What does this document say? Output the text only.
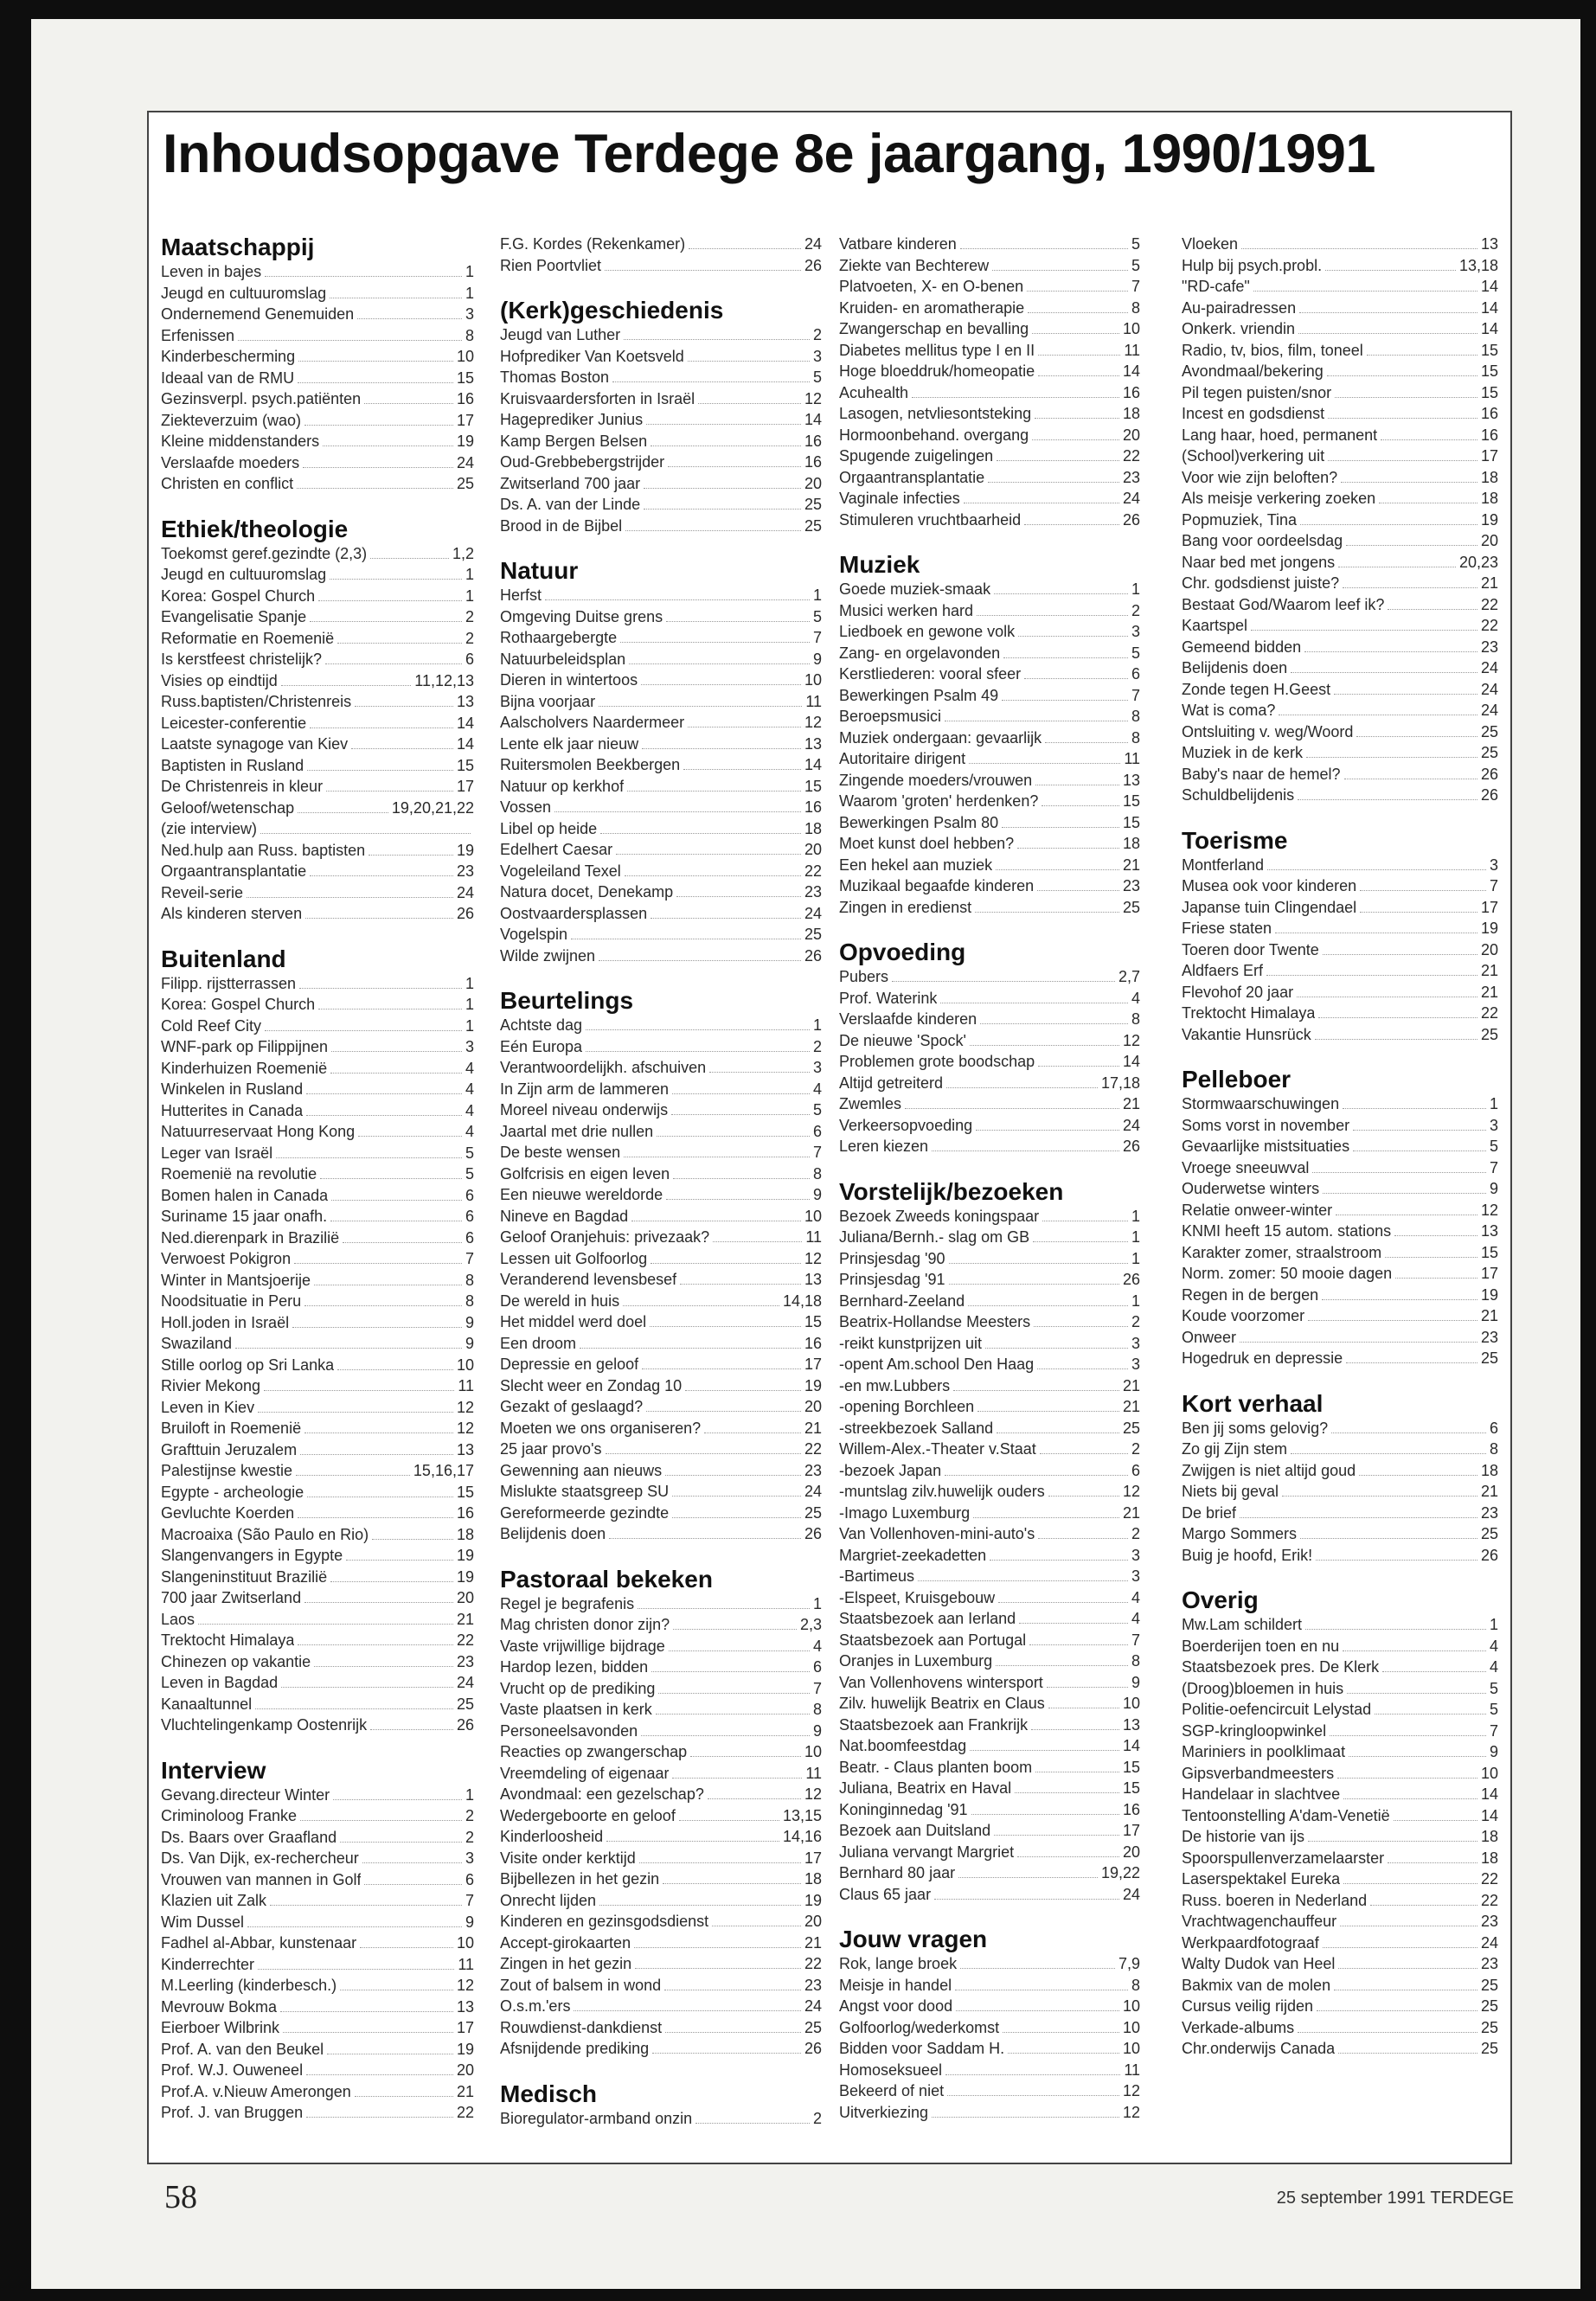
Inhoudsopgave Terdege 8e jaargang, 1990/1991
Maatschappij
Leven in bajes	1
Jeugd en cultuuromslag	1
Ondernemend Genemuiden	3
Erfenissen	8
Kinderbescherming	10
Ideaal van de RMU	15
Gezinsverpl. psych.patiënten	16
Ziekteverzuim (wao)	17
Kleine middenstanders	19
Verslaafde moeders	24
Christen en conflict	25
Ethiek/theologie
Toekomst geref.gezindte (2,3)	1,2
Jeugd en cultuuromslag	1
Korea: Gospel Church	1
Evangelisatie Spanje	2
Reformatie en Roemenië	2
Is kerstfeest christelijk?	6
Visies op eindtijd	11,12,13
Russ.baptisten/Christenreis	13
Leicester-conferentie	14
Laatste synagoge van Kiev	14
Baptisten in Rusland	15
De Christenreis in kleur	17
Geloof/wetenschap	19,20,21,22
(zie interview)
Ned.hulp aan Russ. baptisten	19
Orgaantransplantatie	23
Reveil-serie	24
Als kinderen sterven	26
Buitenland
Filipp. rijstterrassen	1
Korea: Gospel Church	1
Cold Reef City	1
WNF-park op Filippijnen	3
Kinderhuizen Roemenië	4
Winkelen in Rusland	4
Hutterites in Canada	4
Natuurreservaat Hong Kong	4
Leger van Israël	5
Roemenië na revolutie	5
Bomen halen in Canada	6
Suriname 15 jaar onafh.	6
Ned.dierenpark in Brazilië	6
Verwoest Pokigron	7
Winter in Mantsjoerije	8
Noodsituatie in Peru	8
Holl.joden in Israël	9
Swaziland	9
Stille oorlog op Sri Lanka	10
Rivier Mekong	11
Leven in Kiev	12
Bruiloft in Roemenië	12
Grafttuin Jeruzalem	13
Palestijnse kwestie	15,16,17
Egypte - archeologie	15
Gevluchte Koerden	16
Macroaixa (São Paulo en Rio)	18
Slangenvangers in Egypte	19
Slangeninstituut Brazilië	19
700 jaar Zwitserland	20
Laos	21
Trektocht Himalaya	22
Chinezen op vakantie	23
Leven in Bagdad	24
Kanaaltunnel	25
Vluchtelingenkamp Oostenrijk	26
Interview
Gevang.directeur Winter	1
Criminoloog Franke	2
Ds. Baars over Graafland	2
Ds. Van Dijk, ex-rechercheur	3
Vrouwen van mannen in Golf	6
Klazien uit Zalk	7
Wim Dussel	9
Fadhel al-Abbar, kunstenaar	10
Kinderrechter	11
M.Leerling (kinderbesch.)	12
Mevrouw Bokma	13
Eierboer Wilbrink	17
Prof. A. van den Beukel	19
Prof. W.J. Ouweneel	20
Prof.A. v.Nieuw Amerongen	21
Prof. J. van Bruggen	22
F.G. Kordes (Rekenkamer)	24
Rien Poortvliet	26
(Kerk)geschiedenis
Jeugd van Luther	2
Hofprediker Van Koetsveld	3
Thomas Boston	5
Kruisvaardersforten in Israël	12
Hageprediker Junius	14
Kamp Bergen Belsen	16
Oud-Grebbebergstrijder	16
Zwitserland 700 jaar	20
Ds. A. van der Linde	25
Brood in de Bijbel	25
Natuur
Herfst	1
Omgeving Duitse grens	5
Rothaargebergte	7
Natuurbeleidsplan	9
Dieren in wintertoos	10
Bijna voorjaar	11
Aalscholvers Naardermeer	12
Lente elk jaar nieuw	13
Ruitersmolen Beekbergen	14
Natuur op kerkhof	15
Vossen	16
Libel op heide	18
Edelhert Caesar	20
Vogeleiland Texel	22
Natura docet, Denekamp	23
Oostvaardersplassen	24
Vogelspin	25
Wilde zwijnen	26
Beurtelings
Achtste dag	1
Eén Europa	2
Verantwoordelijkh. afschuiven	3
In Zijn arm de lammeren	4
Moreel niveau onderwijs	5
Jaartal met drie nullen	6
De beste wensen	7
Golfcrisis en eigen leven	8
Een nieuwe wereldorde	9
Nineve en Bagdad	10
Geloof Oranjehuis: privezaak?	11
Lessen uit Golfoorlog	12
Veranderend levensbesef	13
De wereld in huis	14,18
Het middel werd doel	15
Een droom	16
Depressie en geloof	17
Slecht weer en Zondag 10	19
Gezakt of geslaagd?	20
Moeten we ons organiseren?	21
25 jaar provo's	22
Gewenning aan nieuws	23
Mislukte staatsgreep SU	24
Gereformeerde gezindte	25
Belijdenis doen	26
Pastoraal bekeken
Regel je begrafenis	1
Mag christen donor zijn?	2,3
Vaste vrijwillige bijdrage	4
Hardop lezen, bidden	6
Vrucht op de prediking	7
Vaste plaatsen in kerk	8
Personeelsavonden	9
Reacties op zwangerschap	10
Vreemdeling of eigenaar	11
Avondmaal: een gezelschap?	12
Wedergeboorte en geloof	13,15
Kinderloosheid	14,16
Visite onder kerktijd	17
Bijbellezen in het gezin	18
Onrecht lijden	19
Kinderen en gezinsgodsdienst	20
Accept-girokaarten	21
Zingen in het gezin	22
Zout of balsem in wond	23
O.s.m.'ers	24
Rouwdienst-dankdienst	25
Afsnijdende prediking	26
Medisch
Bioregulator-armband onzin	2
Vatbare kinderen	5
Ziekte van Bechterew	5
Platvoeten, X- en O-benen	7
Kruiden- en aromatherapie	8
Zwangerschap en bevalling	10
Diabetes mellitus type I en II	11
Hoge bloeddruk/homeopatie	14
Acuhealth	16
Lasogen, netvliesontsteking	18
Hormoonbehand. overgang	20
Spugende zuigelingen	22
Orgaantransplantatie	23
Vaginale infecties	24
Stimuleren vruchtbaarheid	26
Muziek
Goede muziek-smaak	1
Musici werken hard	2
Liedboek en gewone volk	3
Zang- en orgelavonden	5
Kerstliederen: vooral sfeer	6
Bewerkingen Psalm 49	7
Beroepsmusici	8
Muziek ondergaan: gevaarlijk	8
Autoritaire dirigent	11
Zingende moeders/vrouwen	13
Waarom 'groten' herdenken?	15
Bewerkingen Psalm 80	15
Moet kunst doel hebben?	18
Een hekel aan muziek	21
Muzikaal begaafde kinderen	23
Zingen in eredienst	25
Opvoeding
Pubers	2,7
Prof. Waterink	4
Verslaafde kinderen	8
De nieuwe 'Spock'	12
Problemen grote boodschap	14
Altijd getreiterd	17,18
Zwemles	21
Verkeersopvoeding	24
Leren kiezen	26
Vorstelijk/bezoeken
Bezoek Zweeds koningspaar	1
Juliana/Bernh.- slag om GB	1
Prinsjesdag '90	1
Prinsjesdag '91	26
Bernhard-Zeeland	1
Beatrix-Hollandse Meesters	2
-reikt kunstprijzen uit	3
-opent Am.school Den Haag	3
-en mw.Lubbers	21
-opening Borchleen	21
-streekbezoek Salland	25
Willem-Alex.-Theater v.Staat	2
-bezoek Japan	6
-muntslag zilv.huwelijk ouders	12
-Imago Luxemburg	21
Van Vollenhoven-mini-auto's	2
Margriet-zeekadetten	3
-Bartimeus	3
-Elspeet, Kruisgebouw	4
Staatsbezoek aan Ierland	4
Staatsbezoek aan Portugal	7
Oranjes in Luxemburg	8
Van Vollenhovens wintersport	9
Zilv. huwelijk Beatrix en Claus	10
Staatsbezoek aan Frankrijk	13
Nat.boomfeestdag	14
Beatr. - Claus planten boom	15
Juliana, Beatrix en Haval	15
Koninginnedag '91	16
Bezoek aan Duitsland	17
Juliana vervangt Margriet	20
Bernhard 80 jaar	19,22
Claus 65 jaar	24
Jouw vragen
Rok, lange broek	7,9
Meisje in handel	8
Angst voor dood	10
Golfoorlog/wederkomst	10
Bidden voor Saddam H.	10
Homoseksueel	11
Bekeerd of niet	12
Uitverkiezing	12
Vloeken	13
Hulp bij psych.probl.	13,18
"RD-cafe"	14
Au-pairadressen	14
Onkerk. vriendin	14
Radio, tv, bios, film, toneel	15
Avondmaal/bekering	15
Pil tegen puisten/snor	15
Incest en godsdienst	16
Lang haar, hoed, permanent	16
(School)verkering uit	17
Voor wie zijn beloften?	18
Als meisje verkering zoeken	18
Popmuziek, Tina	19
Bang voor oordeelsdag	20
Naar bed met jongens	20,23
Chr. godsdienst juiste?	21
Bestaat God/Waarom leef ik?	22
Kaartspel	22
Gemeend bidden	23
Belijdenis doen	24
Zonde tegen H.Geest	24
Wat is coma?	24
Ontsluiting v. weg/Woord	25
Muziek in de kerk	25
Baby's naar de hemel?	26
Schuldbelijdenis	26
Toerisme
Montferland	3
Musea ook voor kinderen	7
Japanse tuin Clingendael	17
Friese staten	19
Toeren door Twente	20
Aldfaers Erf	21
Flevohof 20 jaar	21
Trektocht Himalaya	22
Vakantie Hunsrück	25
Pelleboer
Stormwaarschuwingen	1
Soms vorst in november	3
Gevaarlijke mistsituaties	5
Vroege sneeuwval	7
Ouderwetse winters	9
Relatie onweer-winter	12
KNMI heeft 15 autom. stations	13
Karakter zomer, straalstroom	15
Norm. zomer: 50 mooie dagen	17
Regen in de bergen	19
Koude voorzomer	21
Onweer	23
Hogedruk en depressie	25
Kort verhaal
Ben jij soms gelovig?	6
Zo gij Zijn stem	8
Zwijgen is niet altijd goud	18
Niets bij geval	21
De brief	23
Margo Sommers	25
Buig je hoofd, Erik!	26
Overig
Mw.Lam schildert	1
Boerderijen toen en nu	4
Staatsbezoek pres. De Klerk	4
(Droog)bloemen in huis	5
Politie-oefencircuit Lelystad	5
SGP-kringloopwinkel	7
Mariniers in poolklimaat	9
Gipsverbandmeesters	10
Handelaar in slachtvee	14
Tentoonstelling A'dam-Venetië	14
De historie van ijs	18
Spoorspullenverzamelaarster	18
Laserspektakel Eureka	22
Russ. boeren in Nederland	22
Vrachtwagenchauffeur	23
Werkpaardfotograaf	24
Walty Dudok van Heel	23
Bakmix van de molen	25
Cursus veilig rijden	25
Verkade-albums	25
Chr.onderwijs Canada	25
58	25 september 1991 TERDEGE
